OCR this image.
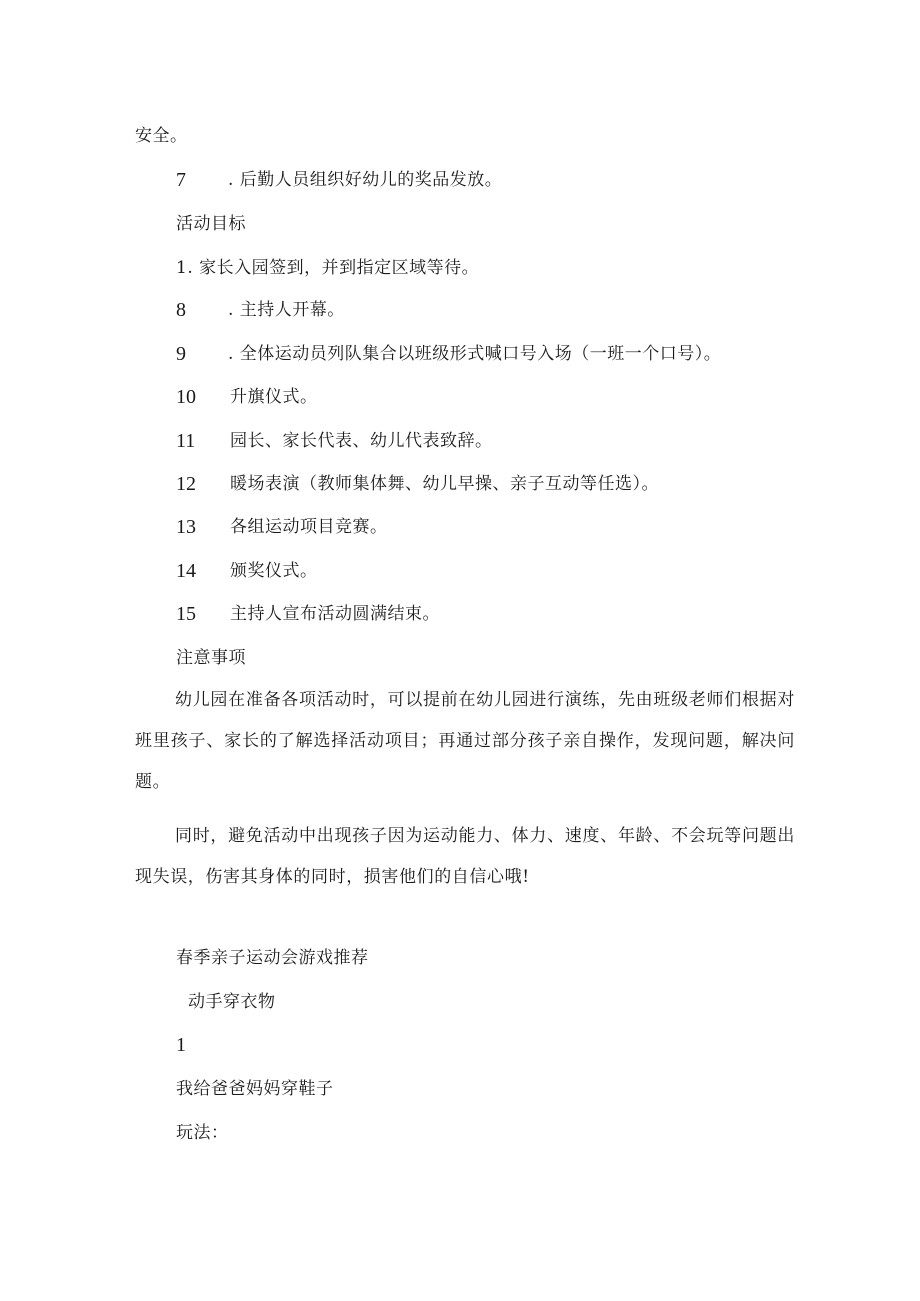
安全。
7 . 后勤人员组织好幼儿的奖品发放。
活动目标
1. 家长入园签到，并到指定区域等待。
8 . 主持人开幕。
9 . 全体运动员列队集合以班级形式喊口号入场（一班一个口号）。
10 升旗仪式。
11 园长、家长代表、幼儿代表致辞。
12 暖场表演（教师集体舞、幼儿早操、亲子互动等任选）。
13 各组运动项目竞赛。
14 颁奖仪式。
15 主持人宣布活动圆满结束。
注意事项
幼儿园在准备各项活动时，可以提前在幼儿园进行演练，先由班级老师们根据对班里孩子、家长的了解选择活动项目；再通过部分孩子亲自操作，发现问题，解决问题。
同时，避免活动中出现孩子因为运动能力、体力、速度、年龄、不会玩等问题出现失误，伤害其身体的同时，损害他们的自信心哦!
春季亲子运动会游戏推荐
动手穿衣物
1
我给爸爸妈妈穿鞋子
玩法：
